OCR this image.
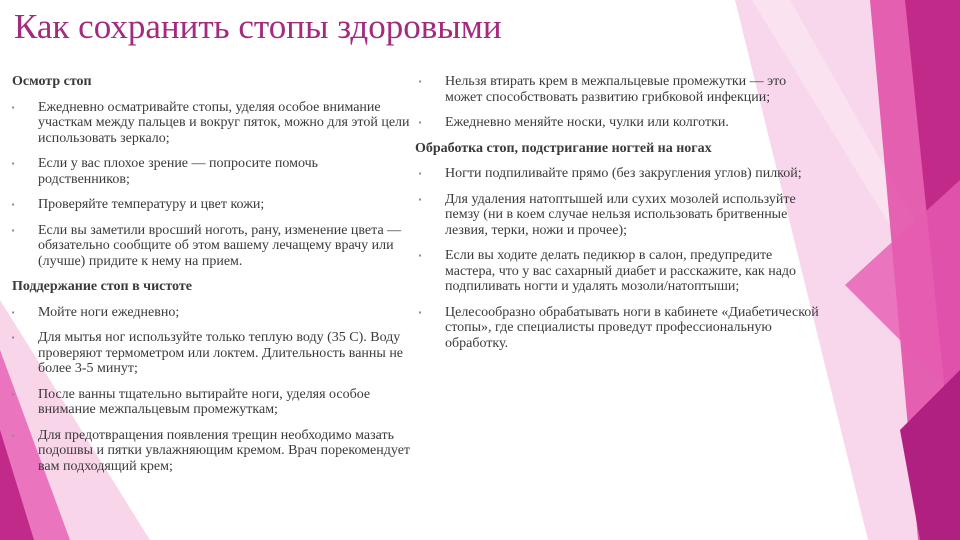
Как сохранить стопы здоровыми
Осмотр стоп
▪ Ежедневно осматривайте стопы, уделяя особое внимание участкам между пальцев и вокруг пяток, можно для этой цели использовать зеркало;
▪ Если у вас плохое зрение — попросите помочь родственников;
▪ Проверяйте температуру и цвет кожи;
▪ Если вы заметили вросший ноготь, рану, изменение цвета — обязательно сообщите об этом вашему лечащему врачу или (лучше) придите к нему на прием.
Поддержание стоп в чистоте
▪ Мойте ноги ежедневно;
▪ Для мытья ног используйте только теплую воду (35 С). Воду проверяют термометром или локтем. Длительность ванны не более 3-5 минут;
▪ После ванны тщательно вытирайте ноги, уделяя особое внимание межпальцевым промежуткам;
▪ Для предотвращения появления трещин необходимо мазать подошвы и пятки увлажняющим кремом. Врач порекомендует вам подходящий крем;
▪ Нельзя втирать крем в межпальцевые промежутки — это может способствовать развитию грибковой инфекции;
▪ Ежедневно меняйте носки, чулки или колготки.
Обработка стоп, подстригание ногтей на ногах
▪ Ногти подпиливайте прямо (без закругления углов) пилкой;
▪ Для удаления натоптышей или сухих мозолей используйте пемзу (ни в коем случае нельзя использовать бритвенные лезвия, терки, ножи и прочее);
▪ Если вы ходите делать педикюр в салон, предупредите мастера, что у вас сахарный диабет и расскажите, как надо подпиливать ногти и удалять мозоли/натоптыши;
▪ Целесообразно обрабатывать ноги в кабинете «Диабетической стопы», где специалисты проведут профессиональную обработку.
